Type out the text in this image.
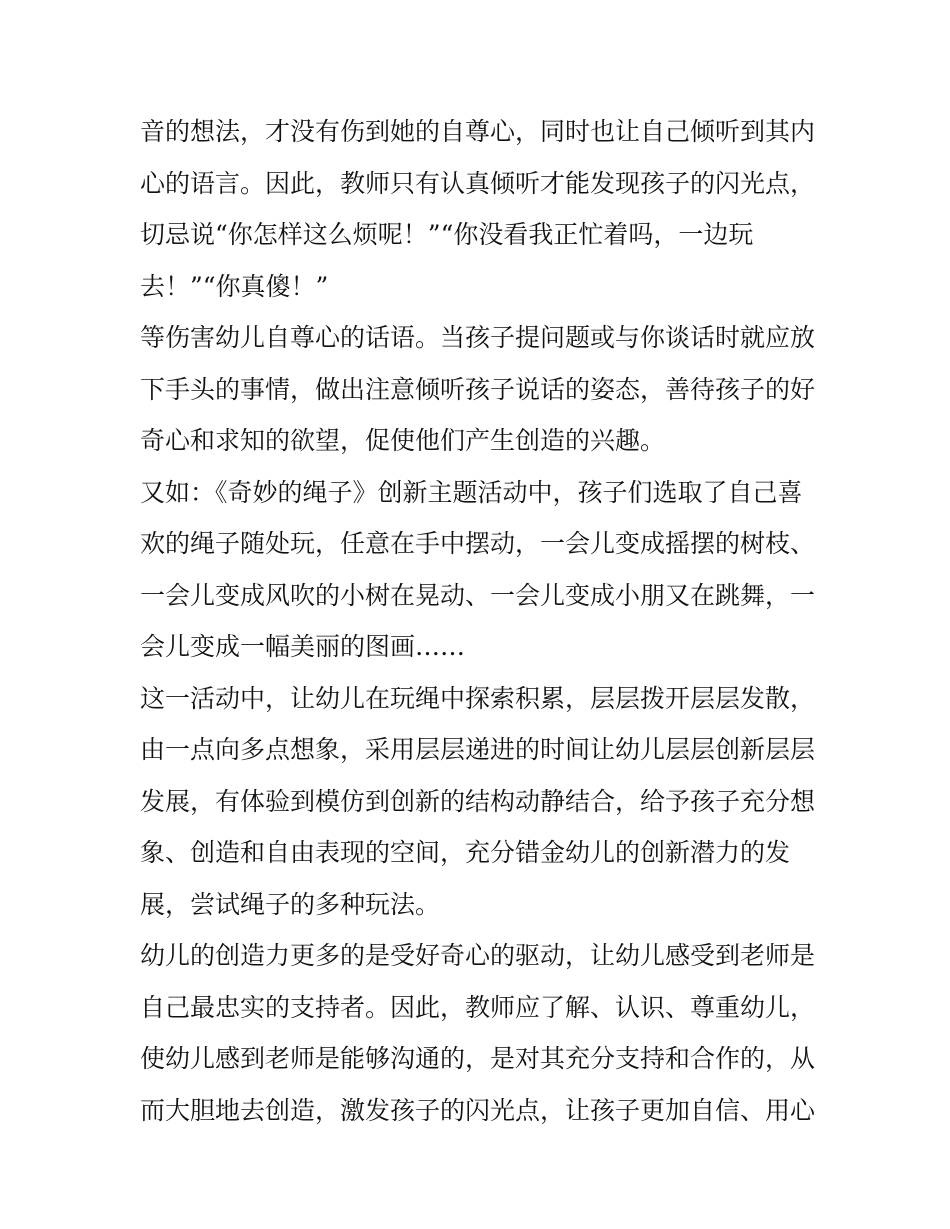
音的想法，才没有伤到她的自尊心，同时也让自己倾听到其内
心的语言。因此，教师只有认真倾听才能发现孩子的闪光点，
切忌说“你怎样这么烦呢！”“你没看我正忙着吗，一边玩
去！”“你真傻！”
等伤害幼儿自尊心的话语。当孩子提问题或与你谈话时就应放
下手头的事情，做出注意倾听孩子说话的姿态，善待孩子的好
奇心和求知的欲望，促使他们产生创造的兴趣。
又如：《奇妙的绳子》创新主题活动中，孩子们选取了自己喜
欢的绳子随处玩，任意在手中摆动，一会儿变成摇摆的树枝、
一会儿变成风吹的小树在晃动、一会儿变成小朋又在跳舞，一
会儿变成一幅美丽的图画……
这一活动中，让幼儿在玩绳中探索积累，层层拨开层层发散，
由一点向多点想象，采用层层递进的时间让幼儿层层创新层层
发展，有体验到模仿到创新的结构动静结合，给予孩子充分想
象、创造和自由表现的空间，充分错金幼儿的创新潜力的发
展，尝试绳子的多种玩法。
幼儿的创造力更多的是受好奇心的驱动，让幼儿感受到老师是
自己最忠实的支持者。因此，教师应了解、认识、尊重幼儿，
使幼儿感到老师是能够沟通的，是对其充分支持和合作的，从
而大胆地去创造，激发孩子的闪光点，让孩子更加自信、用心
